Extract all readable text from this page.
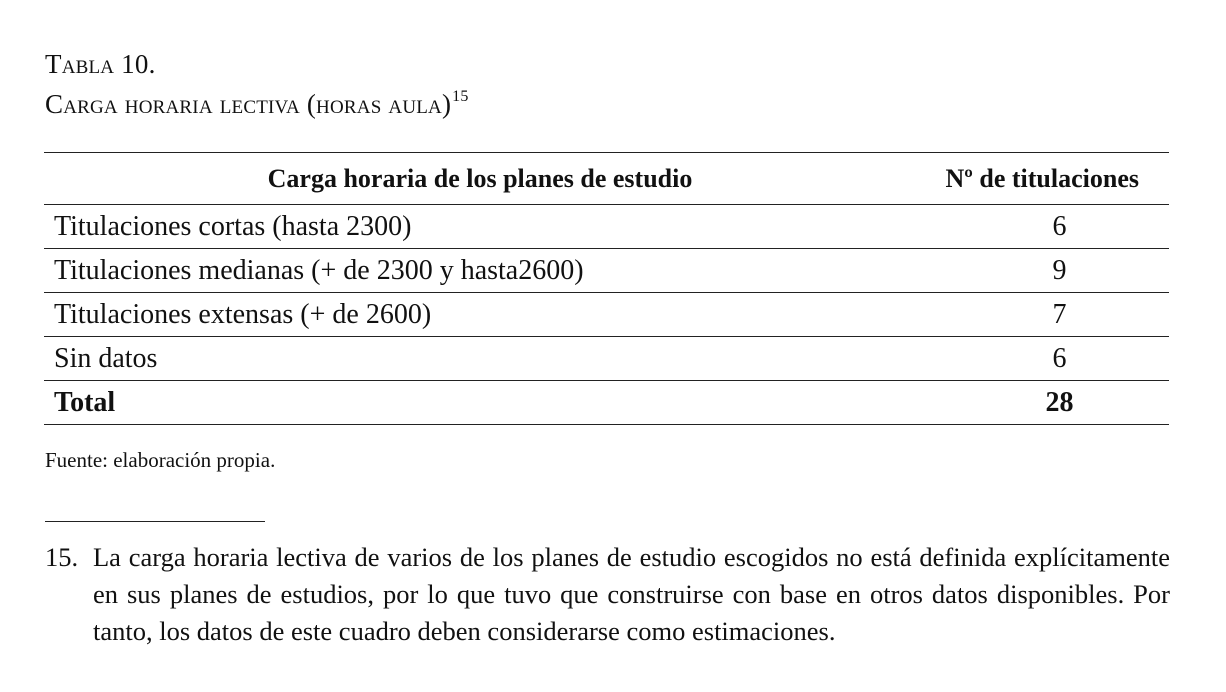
Tabla 10.
Carga horaria lectiva (horas aula)$^{15}$
Carga horaria de los planes de estudio	Nº de titulaciones
Titulaciones cortas (hasta 2300)	6
Titulaciones medianas (+ de 2300 y hasta2600)	9
Titulaciones extensas (+ de 2600)	7
Sin datos	6
Total	28
Fuente: elaboración propia.
15. La carga horaria lectiva de varios de los planes de estudio escogidos no está definida explícitamente en sus planes de estudios, por lo que tuvo que construirse con base en otros datos disponibles. Por tanto, los datos de este cuadro deben considerarse como estimaciones.
